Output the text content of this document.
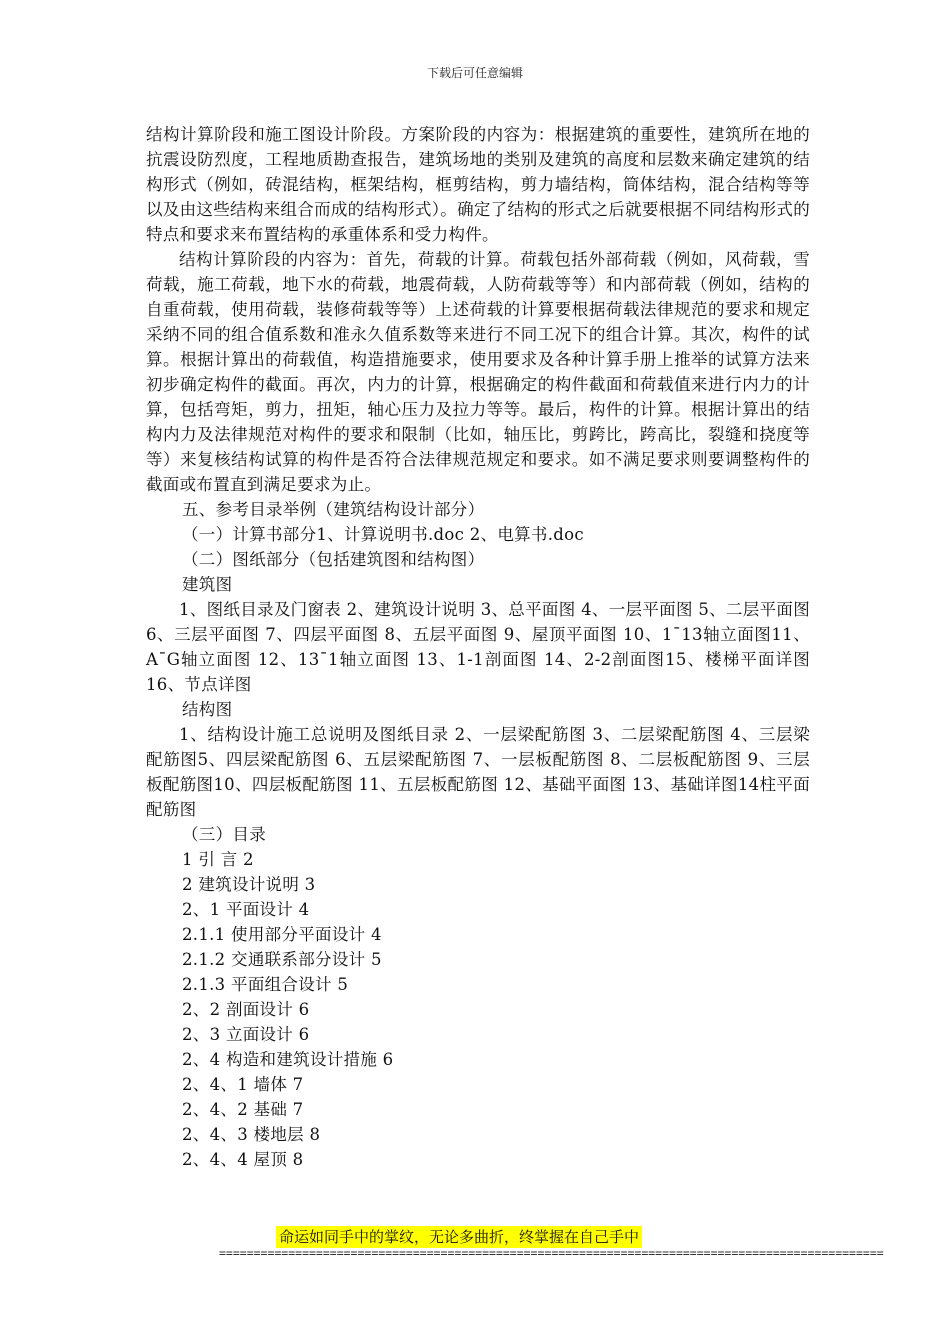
下载后可任意编辑

结构计算阶段和施工图设计阶段。方案阶段的内容为：根据建筑的重要性，建筑所在地的抗震设防烈度，工程地质勘查报告，建筑场地的类别及建筑的高度和层数来确定建筑的结构形式（例如，砖混结构，框架结构，框剪结构，剪力墙结构，筒体结构，混合结构等等以及由这些结构来组合而成的结构形式）。确定了结构的形式之后就要根据不同结构形式的特点和要求来布置结构的承重体系和受力构件。

结构计算阶段的内容为：首先，荷载的计算。荷载包括外部荷载（例如，风荷载，雪荷载，施工荷载，地下水的荷载，地震荷载，人防荷载等等）和内部荷载（例如，结构的自重荷载，使用荷载，装修荷载等等）上述荷载的计算要根据荷载法律规范的要求和规定采纳不同的组合值系数和准永久值系数等来进行不同工况下的组合计算。其次，构件的试算。根据计算出的荷载值，构造措施要求，使用要求及各种计算手册上推举的试算方法来初步确定构件的截面。再次，内力的计算，根据确定的构件截面和荷载值来进行内力的计算，包括弯矩，剪力，扭矩，轴心压力及拉力等等。最后，构件的计算。根据计算出的结构内力及法律规范对构件的要求和限制（比如，轴压比，剪跨比，跨高比，裂缝和挠度等等）来复核结构试算的构件是否符合法律规范规定和要求。如不满足要求则要调整构件的截面或布置直到满足要求为止。

五、参考目录举例（建筑结构设计部分）

（一）计算书部分1、计算说明书.doc 2、电算书.doc

（二）图纸部分（包括建筑图和结构图）

建筑图

1、图纸目录及门窗表 2、建筑设计说明 3、总平面图 4、一层平面图 5、二层平面图6、三层平面图 7、四层平面图 8、五层平面图 9、屋顶平面图 10、1¯13轴立面图11、A¯G轴立面图 12、13¯1轴立面图 13、1-1剖面图 14、2-2剖面图15、楼梯平面详图 16、节点详图

结构图

1、结构设计施工总说明及图纸目录 2、一层梁配筋图 3、二层梁配筋图 4、三层梁配筋图5、四层梁配筋图 6、五层梁配筋图 7、一层板配筋图 8、二层板配筋图 9、三层板配筋图10、四层板配筋图 11、五层板配筋图 12、基础平面图 13、基础详图14柱平面配筋图

（三）目录

1 引 言 2

2 建筑设计说明 3

2、1 平面设计 4

2.1.1 使用部分平面设计 4

2.1.2 交通联系部分设计 5

2.1.3 平面组合设计 5

2、2 剖面设计 6

2、3 立面设计 6

2、4 构造和建筑设计措施 6

2、4、1 墙体 7

2、4、2 基础 7

2、4、3 楼地层 8

2、4、4 屋顶 8

命运如同手中的掌纹，无论多曲折，终掌握在自己手中
================================================================================================
